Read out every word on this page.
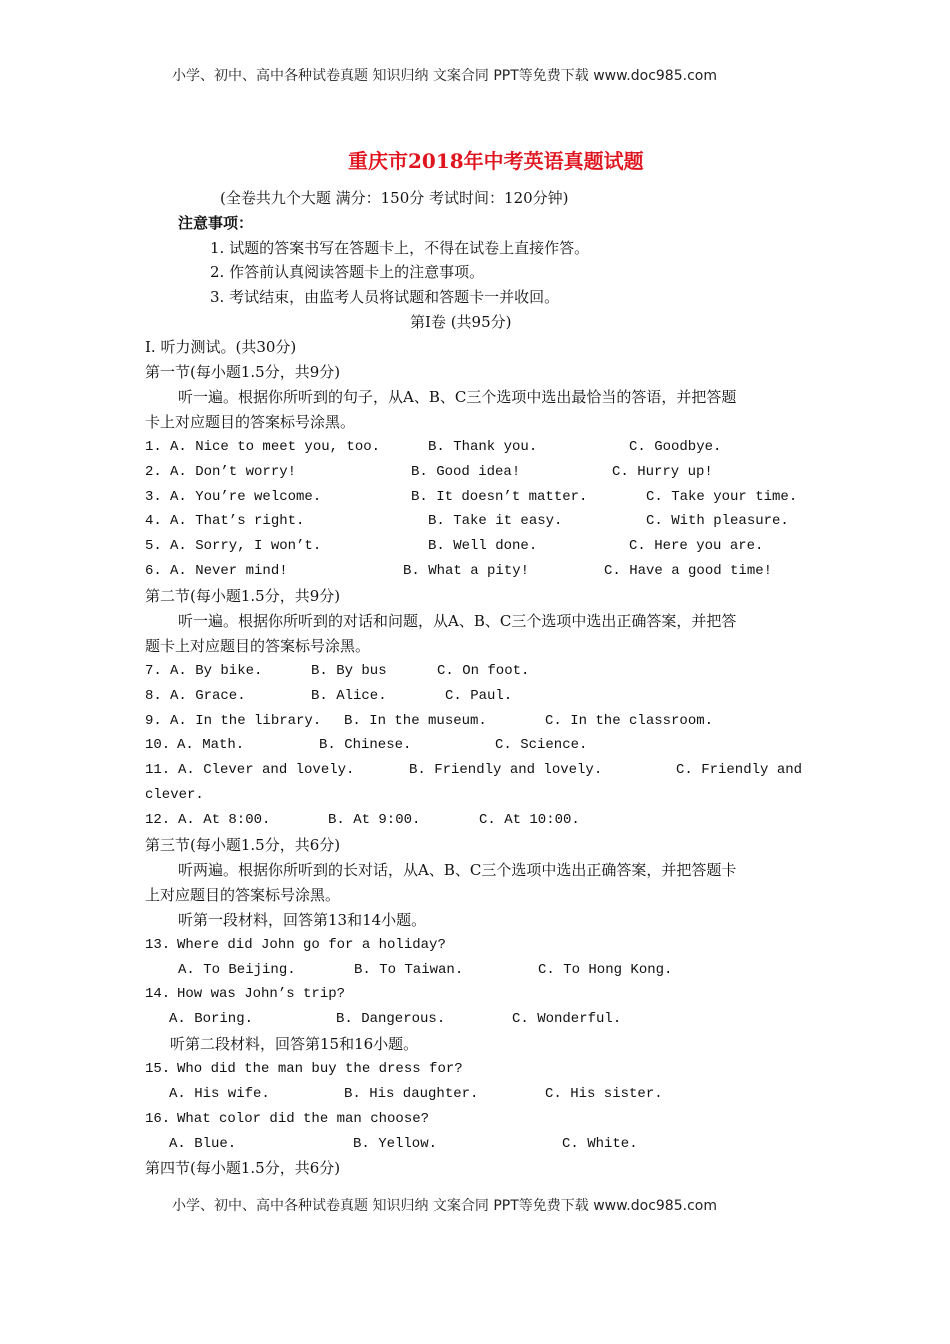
小学、初中、高中各种试卷真题 知识归纳 文案合同 PPT等免费下载 www.doc985.com
重庆市2018年中考英语真题试题
(全卷共九个大题 满分：150分 考试时间：120分钟)
注意事项：
1. 试题的答案书写在答题卡上，不得在试卷上直接作答。
2. 作答前认真阅读答题卡上的注意事项。
3. 考试结束，由监考人员将试题和答题卡一并收回。
第Ⅰ卷 (共95分)
I. 听力测试。(共30分)
第一节(每小题1.5分，共9分)
听一遍。根据你所听到的句子，从A、B、C三个选项中选出最恰当的答语，并把答题
卡上对应题目的答案标号涂黑。
第二节(每小题1.5分，共9分)
听一遍。根据你所听到的对话和问题，从A、B、C三个选项中选出正确答案，并把答
题卡上对应题目的答案标号涂黑。
第三节(每小题1.5分，共6分)
听两遍。根据你所听到的长对话，从A、B、C三个选项中选出正确答案，并把答题卡
上对应题目的答案标号涂黑。
听第一段材料，回答第13和14小题。
听第二段材料，回答第15和16小题。
第四节(每小题1.5分，共6分)
小学、初中、高中各种试卷真题 知识归纳 文案合同 PPT等免费下载 www.doc985.com
1. A. Nice to meet you, too.	B. Thank you.	C. Goodbye.
2. A. Don’t worry!	B. Good idea!	C. Hurry up!
3. A. You’re welcome.	B. It doesn’t matter.	C. Take your time.
4. A. That’s right.	B. Take it easy.	C. With pleasure.
5. A. Sorry, I won’t.	B. Well done.	C. Here you are.
6. A. Never mind!	B. What a pity!	C. Have a good time!
7. A. By bike.	B. By bus	C. On foot.
8. A. Grace.	B. Alice.	C. Paul.
9. A. In the library. B. In the museum.	C. In the classroom.
10. A. Math.	B. Chinese.	C. Science.
11. A. Clever and lovely.	B. Friendly and lovely.	C. Friendly and
clever.
12. A. At 8:00.	B. At 9:00.	C. At 10:00.
13. Where did John go for a holiday?
A. To Beijing.	B. To Taiwan.	C. To Hong Kong.
14. How was John’s trip?
A. Boring.	B. Dangerous.	C. Wonderful.
15. Who did the man buy the dress for?
A. His wife.	B. His daughter.	C. His sister.
16. What color did the man choose?
A. Blue.	B. Yellow.	C. White.
